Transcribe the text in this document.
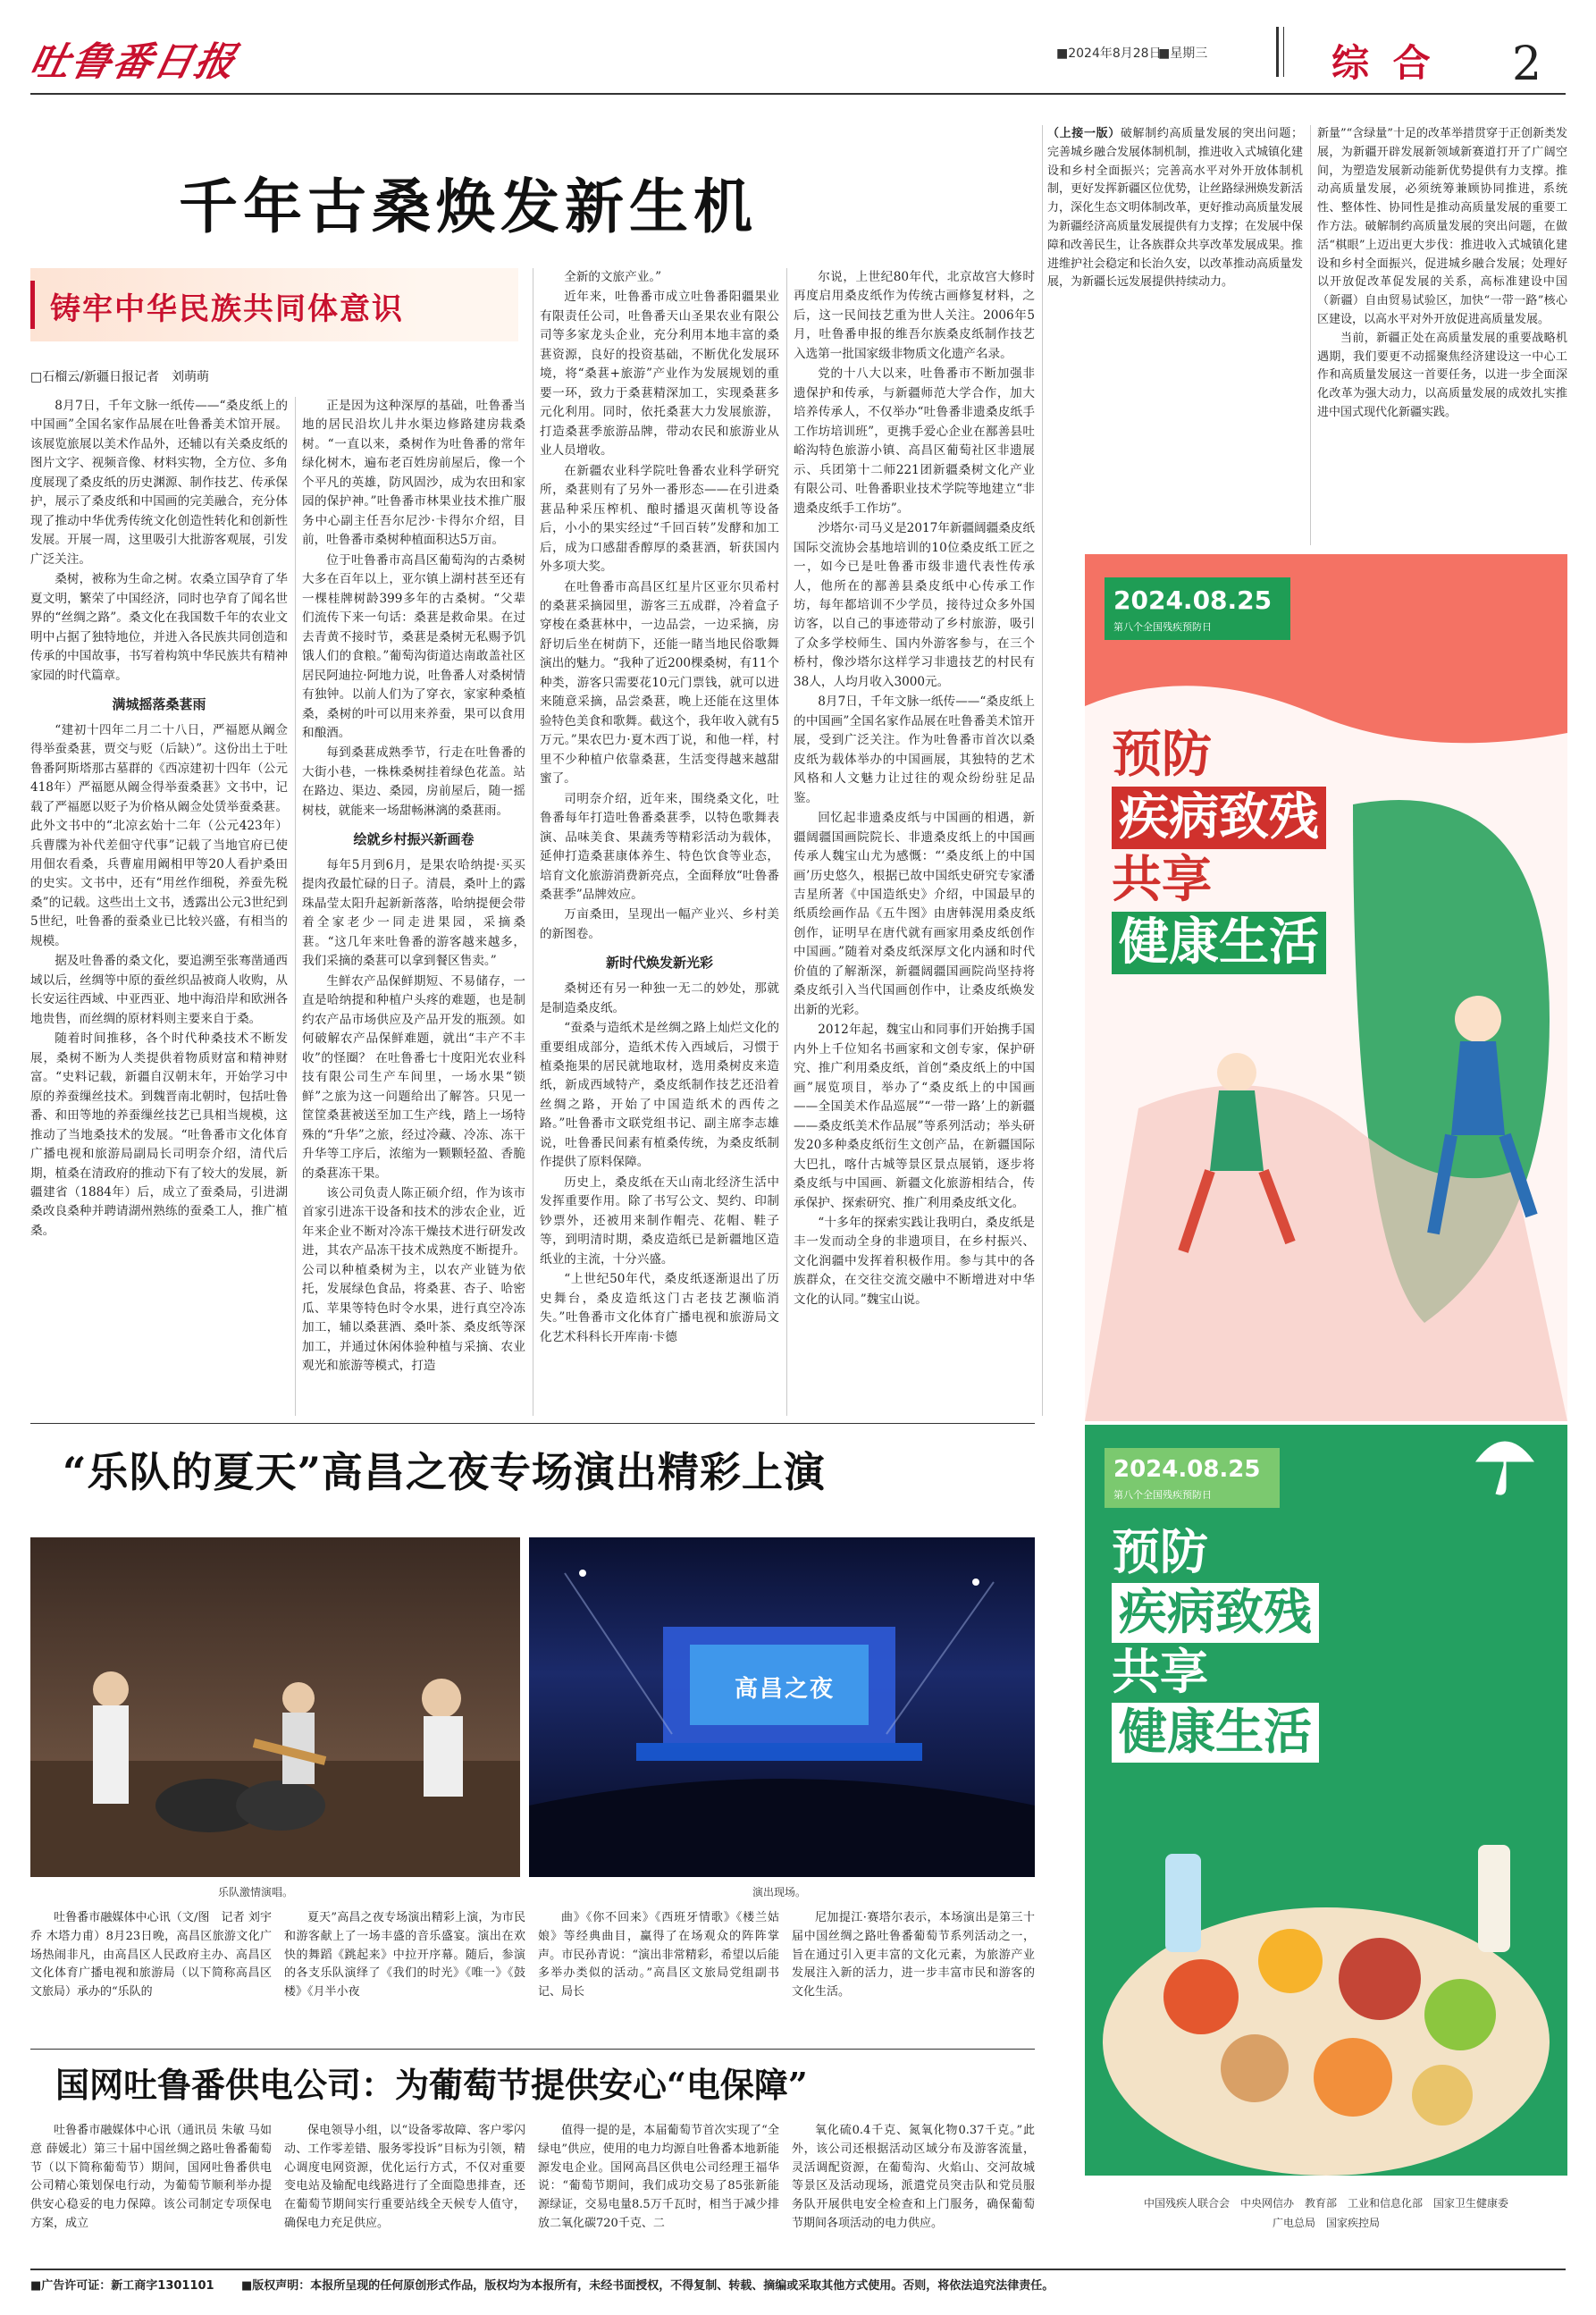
吐鲁番日报	■2024年8月28日
■星期三	综 合 2
千年古桑焕发新生机
铸牢中华民族共同体意识
□石榴云/新疆日报记者　刘萌萌

8月7日，千年文脉一纸传——“桑皮纸上的中国画”全国名家作品展在吐鲁番美术馆开展。该展览旅展以美术作品外，还辅以有关桑皮纸的图片文字、视频音像、材料实物，全方位、多角度展现了桑皮纸的历史渊源、制作技艺、传承保护，展示了桑皮纸和中国画的完美融合，充分体现了推动中华优秀传统文化创造性转化和创新性发展。开展一周，这里吸引大批游客观展，引发广泛关注。

桑树，被称为生命之树。农桑立国孕育了华夏文明，繁荣了中国经济，同时也孕育了闻名世界的“丝绸之路”。桑文化在我国数千年的农业文明中占据了独特地位，并进入各民族共同创造和传承的中国故事，书写着构筑中华民族共有精神家园的时代篇章。

满城摇落桑葚雨

“建初十四年二月二十八日，严福愿从阚佥得举蚕桑葚，贾交与贬（后缺）”。这份出土于吐鲁番阿斯塔那古墓群的《西凉建初十四年（公元418年）严福愿从阚佥得举蚕桑葚》文书中，记载了严福愿以贬子为价格从阚佥处赁举蚕桑葚。此外文书中的“北凉玄始十二年（公元423年）兵曹牒为补代差佃守代事”记载了当地官府已使用佃农看桑，兵曹雇用阚相甲等20人看护桑田的史实。文书中，还有“用丝作细税，养蚕先税桑”的记载。这些出土文书，透露出公元3世纪到5世纪，吐鲁番的蚕桑业已比较兴盛，有相当的规模。

据及吐鲁番的桑文化，要追溯至张骞凿通西域以后，丝绸等中原的蚕丝织品被商人收购，从长安运往西域、中亚西亚、地中海沿岸和欧洲各地贵售，而丝绸的原材料则主要来自于桑。

随着时间推移，各个时代种桑技术不断发展，桑树不断为人类提供着物质财富和精神财富。“史料记载，新疆自汉朝末年，开始学习中原的养蚕缫丝技术。到魏晋南北朝时，包括吐鲁番、和田等地的养蚕缫丝技艺已具相当规模，这推动了当地桑技术的发展。“吐鲁番市文化体育广播电视和旅游局副局长司明奈介绍，清代后期，植桑在清政府的推动下有了较大的发展，新疆建省（1884年）后，成立了蚕桑局，引进湖桑改良桑种并聘请湖州熟练的蚕桑工人，推广植桑。

正是因为这种深厚的基础，吐鲁番当地的居民沿坎儿井水渠边修路建房栽桑树。“一直以来，桑树作为吐鲁番的常年绿化树木，遍布老百姓房前屋后，像一个个平凡的英雄，防风固沙，成为农田和家园的保护神。”吐鲁番市林果业技术推广服务中心副主任吾尔尼沙·卡得尔介绍，目前，吐鲁番市桑树种植面积达5万亩。

位于吐鲁番市高昌区葡萄沟的古桑树大多在百年以上，亚尔镇上湖村甚至还有一棵桂牌树龄399多年的古桑树。“父辈们流传下来一句话：桑葚是救命果。在过去青黄不接时节，桑葚是桑树无私赐予饥饿人们的食粮。”葡萄沟街道达南敢盖社区居民阿迪拉·阿地力说，吐鲁番人对桑树情有独钟。以前人们为了穿衣，家家种桑植桑，桑树的叶可以用来养蚕，果可以食用和酿酒。

每到桑葚成熟季节，行走在吐鲁番的大街小巷，一株株桑树挂着绿色花盖。站在路边、渠边、桑园，房前屋后，随一摇树枝，就能来一场甜畅淋漓的桑葚雨。

绘就乡村振兴新画卷

每年5月到6月，是果农哈纳提·买买提肉孜最忙碌的日子。清晨，桑叶上的露珠晶莹太阳升起新新落落，哈纳提便会带着全家老少一同走进果园，采摘桑葚。“这几年来吐鲁番的游客越来越多，我们采摘的桑葚可以拿到餐区售卖。”

生鲜农产品保鲜期短、不易储存，一直是哈纳提和种植户头疼的难题，也是制约农产品市场供应及产品开发的瓶颈。如何破解农产品保鲜难题，就出“丰产不丰收”的怪圈？ 在吐鲁番七十度阳光农业科技有限公司生产车间里，一场水果“锁鲜”之旅为这一问题给出了解答。只见一筐筐桑葚被送至加工生产线，踏上一场特殊的“升华”之旅，经过冷藏、冷冻、冻干升华等工序后，浓缩为一颗颗轻盈、香脆的桑葚冻干果。

该公司负责人陈正硕介绍，作为该市首家引进冻干设备和技术的涉农企业，近年来企业不断对冷冻干燥技术进行研发改进，其农产品冻干技术成熟度不断提升。公司以种植桑树为主，以农产业链为依托，发展绿色食品，将桑葚、杏子、哈密瓜、苹果等特色时令水果，进行真空冷冻加工，辅以桑葚酒、桑叶茶、桑皮纸等深加工，并通过休闲体验种植与采摘、农业观光和旅游等模式，打造

全新的文旅产业。”

近年来，吐鲁番市成立吐鲁番阳疆果业有限责任公司，吐鲁番天山圣果农业有限公司等多家龙头企业，充分利用本地丰富的桑葚资源，良好的投资基础，不断优化发展环境，将“桑葚+旅游”产业作为发展规划的重要一环，致力于桑葚精深加工，实现桑葚多元化利用。同时，依托桑葚大力发展旅游，打造桑葚季旅游品牌，带动农民和旅游业从业人员增收。

在新疆农业科学院吐鲁番农业科学研究所，桑葚则有了另外一番形态——在引进桑葚品种采压榨机、酿时播退灭菌机等设备后，小小的果实经过“千回百转”发酵和加工后，成为口感甜香醇厚的桑葚酒，斩获国内外多项大奖。

在吐鲁番市高昌区红星片区亚尔贝希村的桑葚采摘园里，游客三五成群，冷着盒子穿梭在桑葚林中，一边品尝，一边采摘，房舒切后坐在树荫下，还能一睹当地民俗歌舞演出的魅力。“我种了近200棵桑树，有11个种类，游客只需要花10元门票钱，就可以进来随意采摘，品尝桑葚，晚上还能在这里体验特色美食和歌舞。截这个，我年收入就有5万元。”果农巴力·夏木西丁说，和他一样，村里不少种植户依靠桑葚，生活变得越来越甜蜜了。

司明奈介绍，近年来，围绕桑文化，吐鲁番每年打造吐鲁番桑葚季，以特色歌舞表演、品味美食、果蔬秀等精彩活动为载体，延伸打造桑葚康体养生、特色饮食等业态，培育文化旅游消费新亮点，全面释放“吐鲁番桑葚季”品牌效应。

万亩桑田，呈现出一幅产业兴、乡村美的新图卷。

新时代焕发新光彩

桑树还有另一种独一无二的妙处，那就是制造桑皮纸。

“蚕桑与造纸术是丝绸之路上灿烂文化的重要组成部分，造纸术传入西域后，习惯于植桑拖果的居民就地取材，选用桑树皮来造纸，新成西域特产，桑皮纸制作技艺还沿着丝绸之路，开始了中国造纸术的西传之路。”吐鲁番市文联党组书记、副主席李志雄说，吐鲁番民间素有植桑传统，为桑皮纸制作提供了原料保障。

历史上，桑皮纸在天山南北经济生活中发挥重要作用。除了书写公文、契约、印制钞票外，还被用来制作帽壳、花帽、鞋子等，到明清时期，桑皮造纸已是新疆地区造纸业的主流，十分兴盛。

“上世纪50年代，桑皮纸逐渐退出了历史舞台，桑皮造纸这门古老技艺濒临消失。”吐鲁番市文化体育广播电视和旅游局文化艺术科科长开库南·卡德

尔说，上世纪80年代，北京故宫大修时再度启用桑皮纸作为传统古画修复材料，之后，这一民间技艺重为世人关注。2006年5月，吐鲁番申报的维吾尔族桑皮纸制作技艺入选第一批国家级非物质文化遗产名录。

党的十八大以来，吐鲁番市不断加强非遗保护和传承，与新疆师范大学合作，加大培养传承人，不仅举办“吐鲁番非遗桑皮纸手工作坊培训班”，更携手爱心企业在鄯善县吐峪沟特色旅游小镇、高昌区葡萄社区非遗展示、兵团第十二师221团新疆桑树文化产业有限公司、吐鲁番职业技术学院等地建立“非遗桑皮纸手工作坊”。

沙塔尔·司马义是2017年新疆阔疆桑皮纸国际交流协会基地培训的10位桑皮纸工匠之一，如今已是吐鲁番市级非遗代表性传承人，他所在的鄯善县桑皮纸中心传承工作坊，每年都培训不少学员，接待过众多外国访客，以自己的事迹带动了乡村旅游，吸引了众多学校师生、国内外游客参与，在三个桥村，像沙塔尔这样学习非遗技艺的村民有38人，人均月收入3000元。

8月7日，千年文脉一纸传——“桑皮纸上的中国画”全国名家作品展在吐鲁番美术馆开展，受到广泛关注。作为吐鲁番市首次以桑皮纸为载体举办的中国画展，其独特的艺术风格和人文魅力让过往的观众纷纷驻足品鉴。

回忆起非遗桑皮纸与中国画的相遇，新疆阔疆国画院院长、非遗桑皮纸上的中国画传承人魏宝山尤为感慨：“‘桑皮纸上的中国画’历史悠久，根据已故中国纸史研究专家潘吉星所著《中国造纸史》介绍，中国最早的纸质绘画作品《五牛图》由唐韩滉用桑皮纸创作，证明早在唐代就有画家用桑皮纸创作中国画。”随着对桑皮纸深厚文化内涵和时代价值的了解渐深，新疆阔疆国画院尚坚持将桑皮纸引入当代国画创作中，让桑皮纸焕发出新的光彩。

2012年起，魏宝山和同事们开始携手国内外上千位知名书画家和文创专家，保护研究、推广利用桑皮纸，首创“桑皮纸上的中国画”展览项目，举办了“桑皮纸上的中国画——全国美术作品巡展”“一带一路’上的新疆——桑皮纸美术作品展”等系列活动；举头研发20多种桑皮纸衍生文创产品，在新疆国际大巴扎，喀什古城等景区景点展销，逐步将桑皮纸与中国画、新疆文化旅游相结合，传承保护、探索研究、推广利用桑皮纸文化。

“十多年的探索实践让我明白，桑皮纸是丰一发而动全身的非遗项目，在乡村振兴、文化润疆中发挥着积极作用。参与其中的各族群众，在交往交流交融中不断增进对中华文化的认同。”魏宝山说。

（上接一版）破解制约高质量发展的突出问题；完善城乡融合发展体制机制，推进收入式城镇化建设和乡村全面振兴；完善高水平对外开放体制机制，更好发挥新疆区位优势，让丝路绿洲焕发新活力，深化生态文明体制改革，更好推动高质量发展为新疆经济高质量发展提供有力支撑；在发展中保障和改善民生，让各族群众共享改革发展成果。推进维护社会稳定和长治久安，以改革推动高质量发展，为新疆长远发展提供持续动力。

新量”“含绿量”十足的改革举措贯穿于正创新类发展，为新疆开辟发展新领域新赛道打开了广阔空间，为塑造发展新动能新优势提供有力支撑。推动高质量发展，必须统筹兼顾协同推进，系统性、整体性、协同性是推动高质量发展的重要工作方法。破解制约高质量发展的突出问题，在做活“棋眼”上迈出更大步伐：推进收入式城镇化建设和乡村全面振兴，促进城乡融合发展；处理好以开放促改革促发展的关系，高标准建设中国（新疆）自由贸易试验区，加快“一带一路”核心区建设，以高水平对外开放促进高质量发展。

当前，新疆正处在高质量发展的重要战略机遇期，我们要更不动摇聚焦经济建设这一中心工作和高质量发展这一首要任务，以进一步全面深化改革为强大动力，以高质量发展的成效扎实推进中国式现代化新疆实践。

2024.08.25
第八个全国残疾预防日
预防
疾病致残
共享
健康生活
2024.08.25
第八个全国残疾预防日
预防
疾病致残
共享
健康生活
中国残疾人联合会　中央网信办　教育部　工业和信息化部　国家卫生健康委
广电总局　国家疾控局
“乐队的夏天”高昌之夜专场演出精彩上演
乐队激情演唱。
高昌之夜
演出现场。
吐鲁番市融媒体中心讯（文/图　记者 刘宇乔 木塔力甫）8月23日晚，高昌区旅游文化广场热闹非凡，由高昌区人民政府主办、高昌区文化体育广播电视和旅游局（以下简称高昌区文旅局）承办的“乐队的
夏天”高昌之夜专场演出精彩上演，为市民和游客献上了一场丰盛的音乐盛宴。演出在欢快的舞蹈《跳起来》中拉开序幕。随后，参演的各支乐队演绎了《我们的时光》《唯一》《鼓楼》《月半小夜
曲》《你不回来》《西班牙情歌》《楼兰姑娘》等经典曲目，赢得了在场观众的阵阵掌声。市民孙青说：“演出非常精彩，希望以后能多举办类似的活动。”高昌区文旅局党组副书记、局长
尼加提江·赛塔尔表示，本场演出是第三十届中国丝绸之路吐鲁番葡萄节系列活动之一，旨在通过引入更丰富的文化元素，为旅游产业发展注入新的活力，进一步丰富市民和游客的文化生活。
国网吐鲁番供电公司：为葡萄节提供安心“电保障”
吐鲁番市融媒体中心讯（通讯员 朱敏 马如意 薛媛北）第三十届中国丝绸之路吐鲁番葡萄节（以下简称葡萄节）期间，国网吐鲁番供电公司精心策划保电行动，为葡萄节顺利举办提供安心稳妥的电力保障。该公司制定专项保电方案，成立
保电领导小组，以“设备零故障、客户零闪动、工作零差错、服务零投诉”目标为引领，精心调度电网资源，优化运行方式，不仅对重要变电站及输配电线路进行了全面隐患排查，还在葡萄节期间实行重要站线全天候专人值守，确保电力充足供应。
值得一提的是，本届葡萄节首次实现了“全绿电”供应，使用的电力均源自吐鲁番本地新能源发电企业。国网高昌区供电公司经理王福华说：“葡萄节期间，我们成功交易了85张新能源绿证，交易电量8.5万千瓦时，相当于减少排放二氧化碳720千克、二
氧化硫0.4千克、氮氧化物0.37千克。”此外，该公司还根据活动区域分布及游客流量，灵活调配资源，在葡萄沟、火焰山、交河故城等景区及活动现场，派遣党员突击队和党员服务队开展供电安全检查和上门服务，确保葡萄节期间各项活动的电力供应。
■广告许可证：新工商字1301101 ■版权声明：本报所呈现的任何原创形式作品，版权均为本报所有，未经书面授权，不得复制、转载、摘编或采取其他方式使用。否则，将依法追究法律责任。
